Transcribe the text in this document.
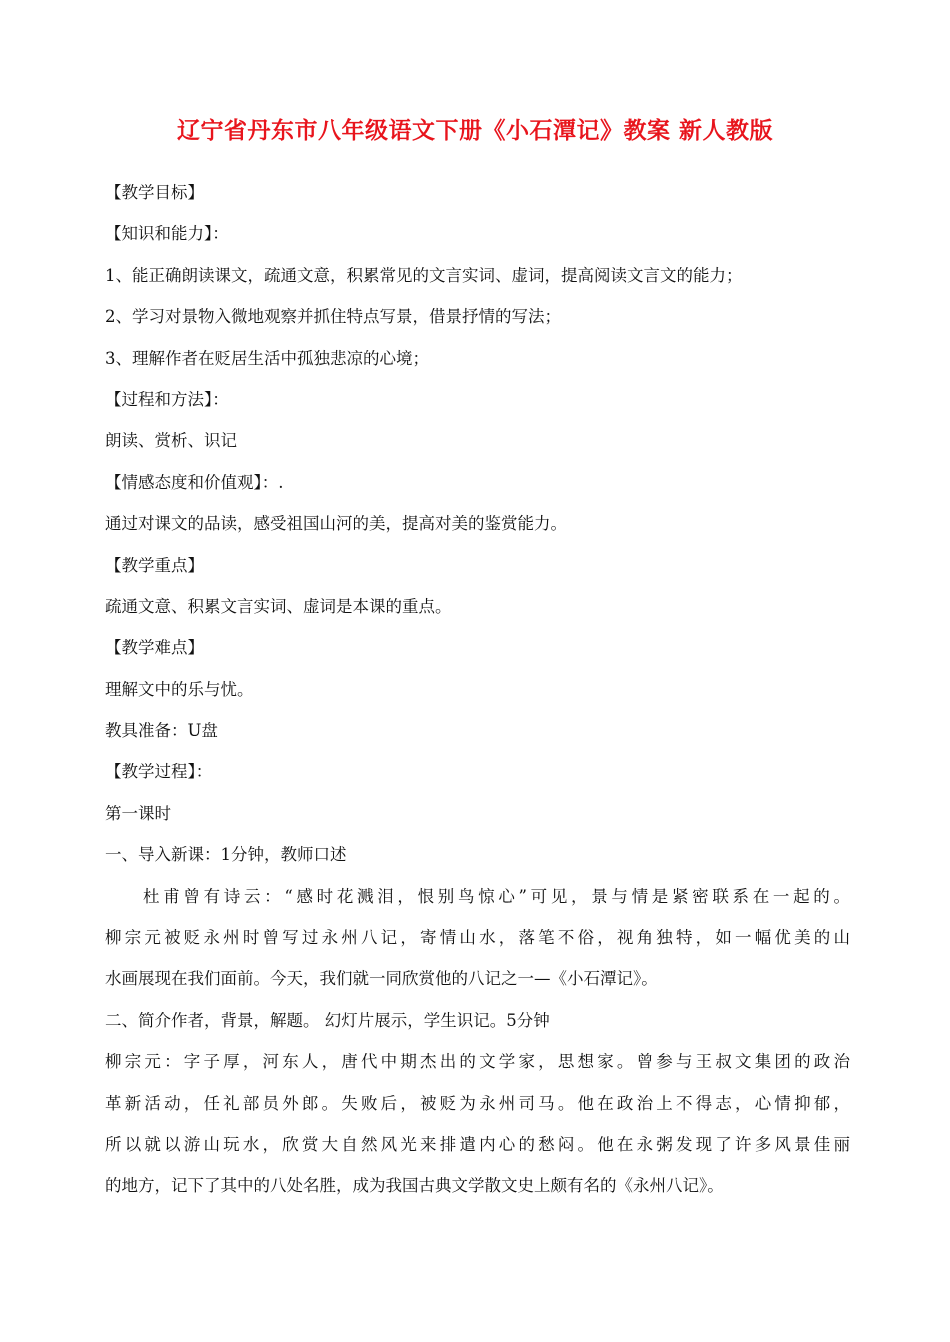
辽宁省丹东市八年级语文下册《小石潭记》教案 新人教版
【教学目标】
【知识和能力】：
1、能正确朗读课文，疏通文意，积累常见的文言实词、虚词，提高阅读文言文的能力；
2、学习对景物入微地观察并抓住特点写景，借景抒情的写法；
3、理解作者在贬居生活中孤独悲凉的心境；
【过程和方法】：
朗读、赏析、识记
【情感态度和价值观】：.
通过对课文的品读，感受祖国山河的美，提高对美的鉴赏能力。
【教学重点】
疏通文意、积累文言实词、虚词是本课的重点。
【教学难点】
理解文中的乐与忧。
教具准备：U盘
【教学过程】：
第一课时
一、导入新课：1分钟，教师口述
杜甫曾有诗云：“感时花溅泪，恨别鸟惊心”可见，景与情是紧密联系在一起的。
柳宗元被贬永州时曾写过永州八记，寄情山水，落笔不俗，视角独特，如一幅优美的山
水画展现在我们面前。今天，我们就一同欣赏他的八记之一—《小石潭记》。
二、简介作者，背景，解题。 幻灯片展示，学生识记。5分钟
柳宗元：字子厚，河东人，唐代中期杰出的文学家，思想家。曾参与王叔文集团的政治
革新活动，任礼部员外郎。失败后，被贬为永州司马。他在政治上不得志，心情抑郁，
所以就以游山玩水，欣赏大自然风光来排遣内心的愁闷。他在永粥发现了许多风景佳丽
的地方，记下了其中的八处名胜，成为我国古典文学散文史上颇有名的《永州八记》。
